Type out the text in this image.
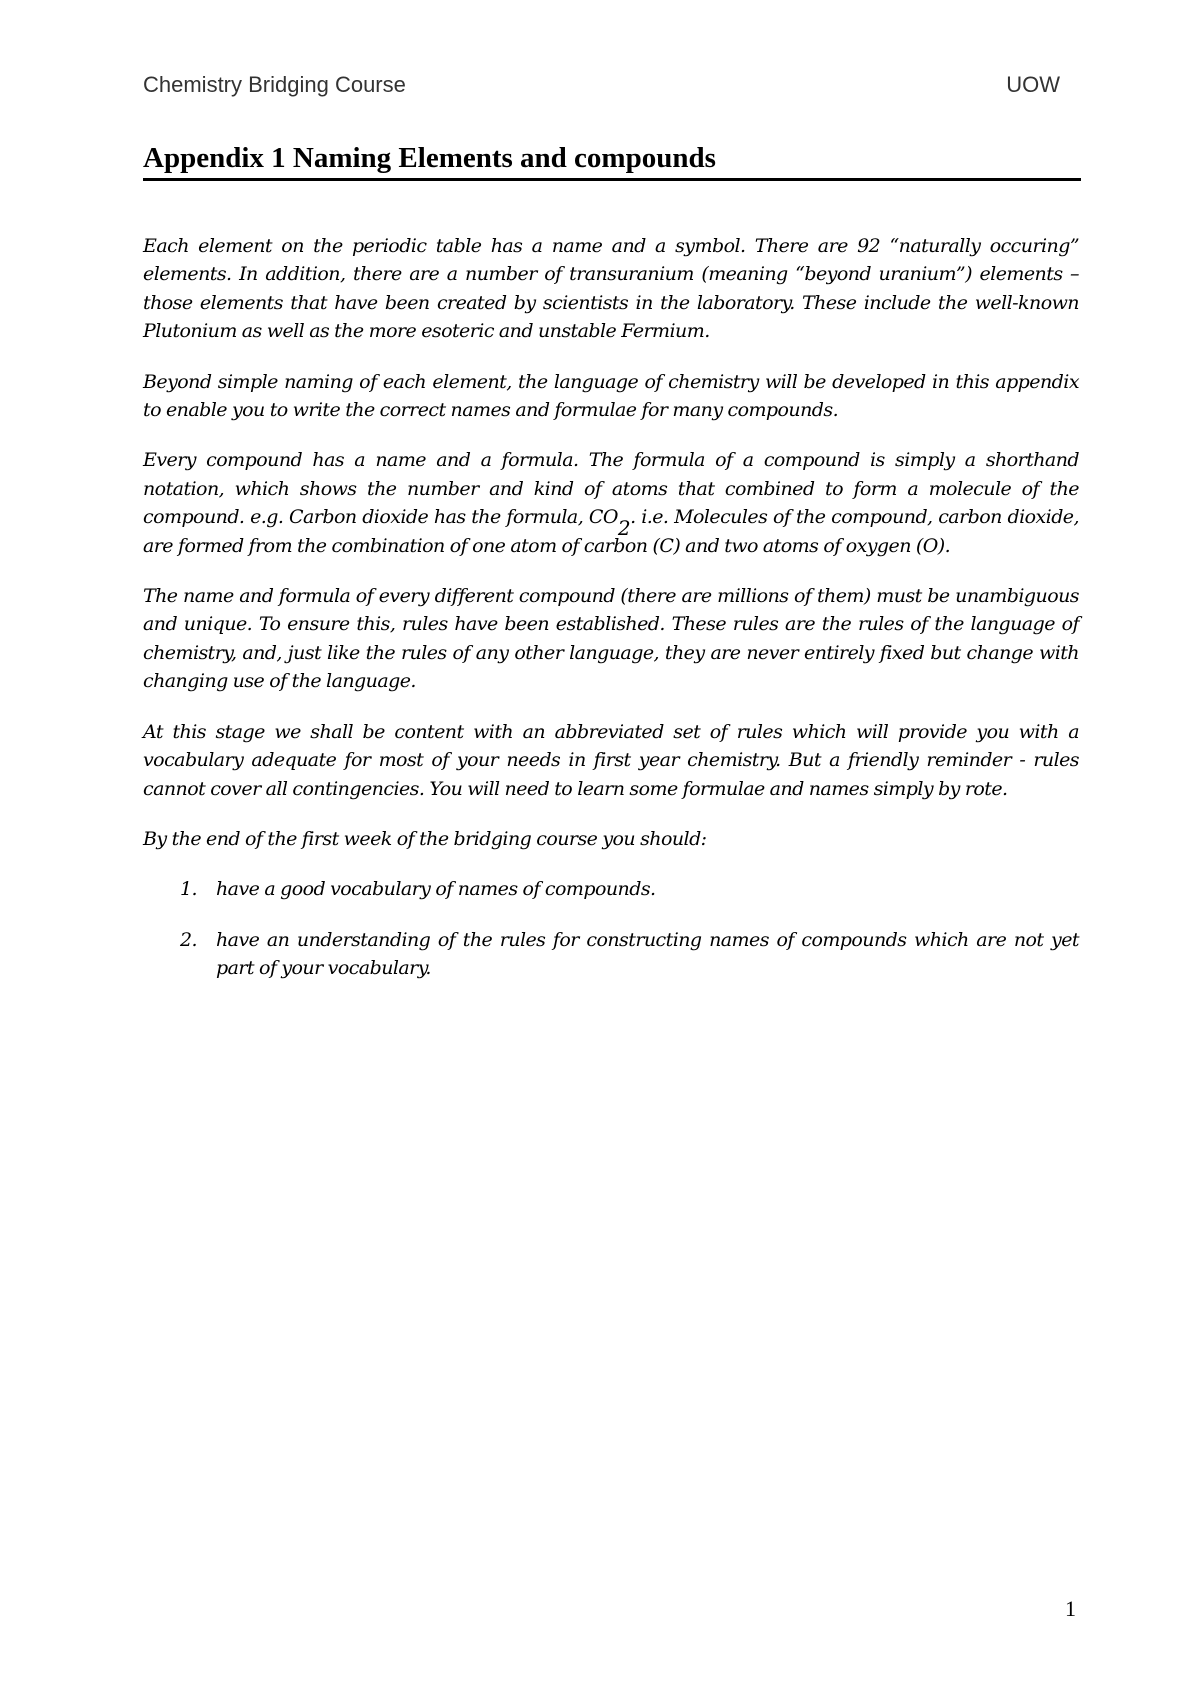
Chemistry Bridging Course	UOW
Appendix 1 Naming Elements and compounds

Each element on the periodic table has a name and a symbol. There are 92 “naturally occuring” elements. In addition, there are a number of transuranium (meaning “beyond uranium”) elements – those elements that have been created by scientists in the laboratory. These include the well-known Plutonium as well as the more esoteric and unstable Fermium.

Beyond simple naming of each element, the language of chemistry will be developed in this appendix to enable you to write the correct names and formulae for many compounds.

Every compound has a name and a formula. The formula of a compound is simply a shorthand notation, which shows the number and kind of atoms that combined to form a molecule of the compound. e.g. Carbon dioxide has the formula, $CO_2$. i.e. Molecules of the compound, carbon dioxide, are formed from the combination of one atom of carbon (C) and two atoms of oxygen (O).

The name and formula of every different compound (there are millions of them) must be unambiguous and unique. To ensure this, rules have been established. These rules are the rules of the language of chemistry, and, just like the rules of any other language, they are never entirely fixed but change with changing use of the language.

At this stage we shall be content with an abbreviated set of rules which will provide you with a vocabulary adequate for most of your needs in first year chemistry. But a friendly reminder - rules cannot cover all contingencies. You will need to learn some formulae and names simply by rote.

By the end of the first week of the bridging course you should:

1. have a good vocabulary of names of compounds.
2. have an understanding of the rules for constructing names of compounds which are not yet part of your vocabulary.
1
